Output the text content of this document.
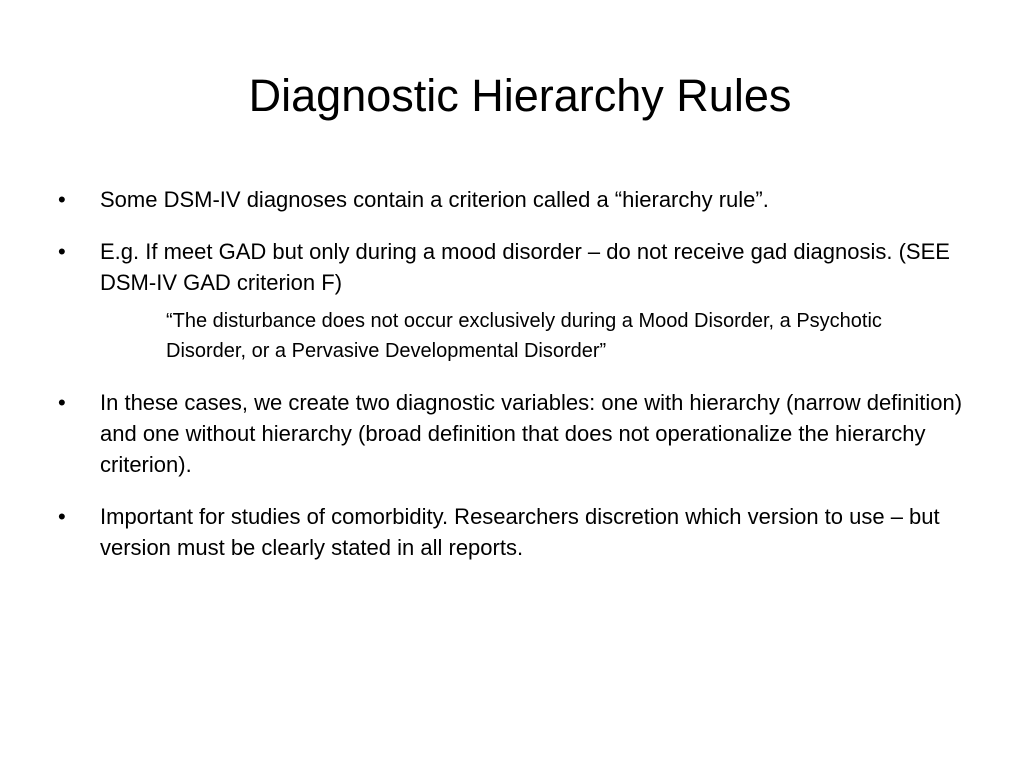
Diagnostic Hierarchy Rules
•	Some DSM-IV diagnoses contain a criterion called a “hierarchy rule”.
•	E.g. If meet GAD but only during a mood disorder – do not receive gad diagnosis. (SEE DSM-IV GAD criterion F)
“The disturbance does not occur exclusively during a Mood Disorder, a Psychotic Disorder, or a Pervasive Developmental Disorder”
•	In these cases, we create two diagnostic variables: one with hierarchy (narrow definition) and one without hierarchy (broad definition that does not operationalize the hierarchy criterion).
•	Important for studies of comorbidity. Researchers discretion which version to use – but version must be clearly stated in all reports.
